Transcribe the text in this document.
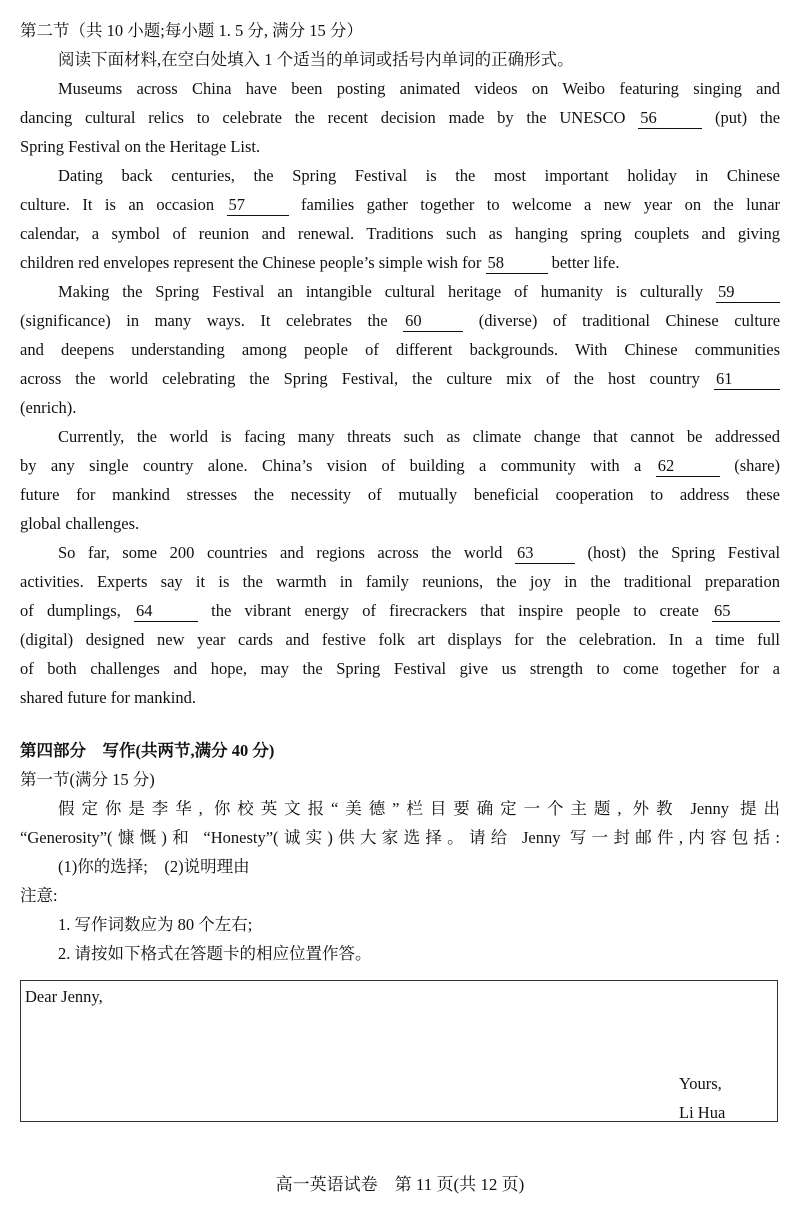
第二节（共 10 小题;每小题 1. 5 分, 满分 15 分）
阅读下面材料,在空白处填入 1 个适当的单词或括号内单词的正确形式。
Museums across China have been posting animated videos on Weibo featuring singing and
dancing cultural relics to celebrate the recent decision made by the UNESCO 56	(put) the
Spring Festival on the Heritage List.
Dating back centuries, the Spring Festival is the most important holiday in Chinese
culture. It is an occasion 57	families gather together to welcome a new year on the lunar
calendar, a symbol of reunion and renewal. Traditions such as hanging spring couplets and giving
children red envelopes represent the Chinese people’s simple wish for 58	better life.
Making the Spring Festival an intangible cultural heritage of humanity is culturally 59
(significance) in many ways. It celebrates the 60	(diverse) of traditional Chinese culture
and deepens understanding among people of different backgrounds. With Chinese communities
across the world celebrating the Spring Festival, the culture mix of the host country 61
(enrich).
Currently, the world is facing many threats such as climate change that cannot be addressed
by any single country alone. China’s vision of building a community with a 62	(share)
future for mankind stresses the necessity of mutually beneficial cooperation to address these
global challenges.
So far, some 200 countries and regions across the world 63	(host) the Spring Festival
activities. Experts say it is the warmth in family reunions, the joy in the traditional preparation
of dumplings, 64	the vibrant energy of firecrackers that inspire people to create 65
(digital) designed new year cards and festive folk art displays for the celebration. In a time full
of both challenges and hope, may the Spring Festival give us strength to come together for a
shared future for mankind.
第四部分　写作(共两节,满分 40 分)
第一节(满分 15 分)
假定你是李华, 你校英文报“美德”栏目要确定一个主题, 外教 Jenny 提出
“Generosity”(慷慨)和 “Honesty”(诚实)供大家选择。请给 Jenny 写一封邮件,内容包括:
(1)你的选择;　(2)说明理由
注意:
1. 写作词数应为 80 个左右;
2. 请按如下格式在答题卡的相应位置作答。
Dear Jenny,
Yours,
Li Hua
高一英语试卷　第 11 页(共 12 页)
